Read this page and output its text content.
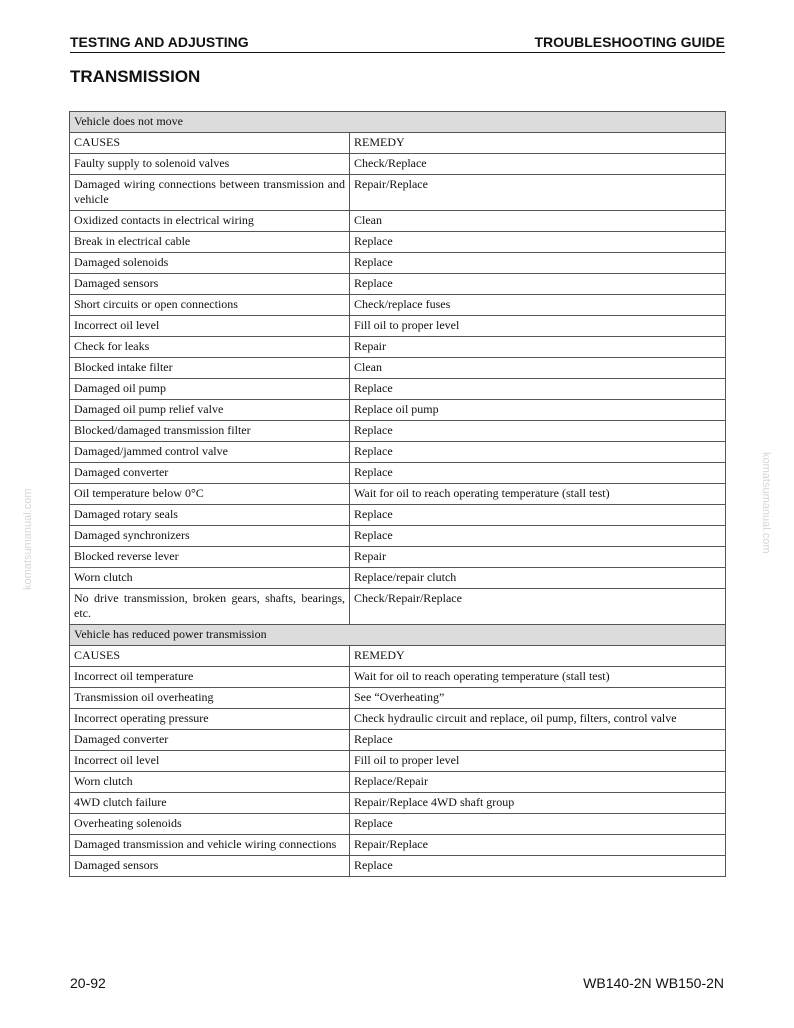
TESTING AND ADJUSTING	TROUBLESHOOTING GUIDE
TRANSMISSION
Vehicle does not move	
CAUSES	REMEDY
Faulty supply to solenoid valves	Check/Replace
Damaged wiring connections between transmission and vehicle	Repair/Replace
Oxidized contacts in electrical wiring	Clean
Break in electrical cable	Replace
Damaged solenoids	Replace
Damaged sensors	Replace
Short circuits or open connections	Check/replace fuses
Incorrect oil level	Fill oil to proper level
Check for leaks	Repair
Blocked intake filter	Clean
Damaged oil pump	Replace
Damaged oil pump relief valve	Replace oil pump
Blocked/damaged transmission filter	Replace
Damaged/jammed control valve	Replace
Damaged converter	Replace
Oil temperature below 0°C	Wait for oil to reach operating temperature (stall test)
Damaged rotary seals	Replace
Damaged synchronizers	Replace
Blocked reverse lever	Repair
Worn clutch	Replace/repair clutch
No drive transmission, broken gears, shafts, bearings, etc.	Check/Repair/Replace
Vehicle has reduced power transmission	
CAUSES	REMEDY
Incorrect oil temperature	Wait for oil to reach operating temperature (stall test)
Transmission oil overheating	See “Overheating”
Incorrect operating pressure	Check hydraulic circuit and replace, oil pump, filters, control valve
Damaged converter	Replace
Incorrect oil level	Fill oil to proper level
Worn clutch	Replace/Repair
4WD clutch failure	Repair/Replace 4WD shaft group
Overheating solenoids	Replace
Damaged transmission and vehicle wiring connections	Repair/Replace
Damaged sensors	Replace
20-92	WB140-2N WB150-2N
komatsumanual.com	komatsumanual.com
